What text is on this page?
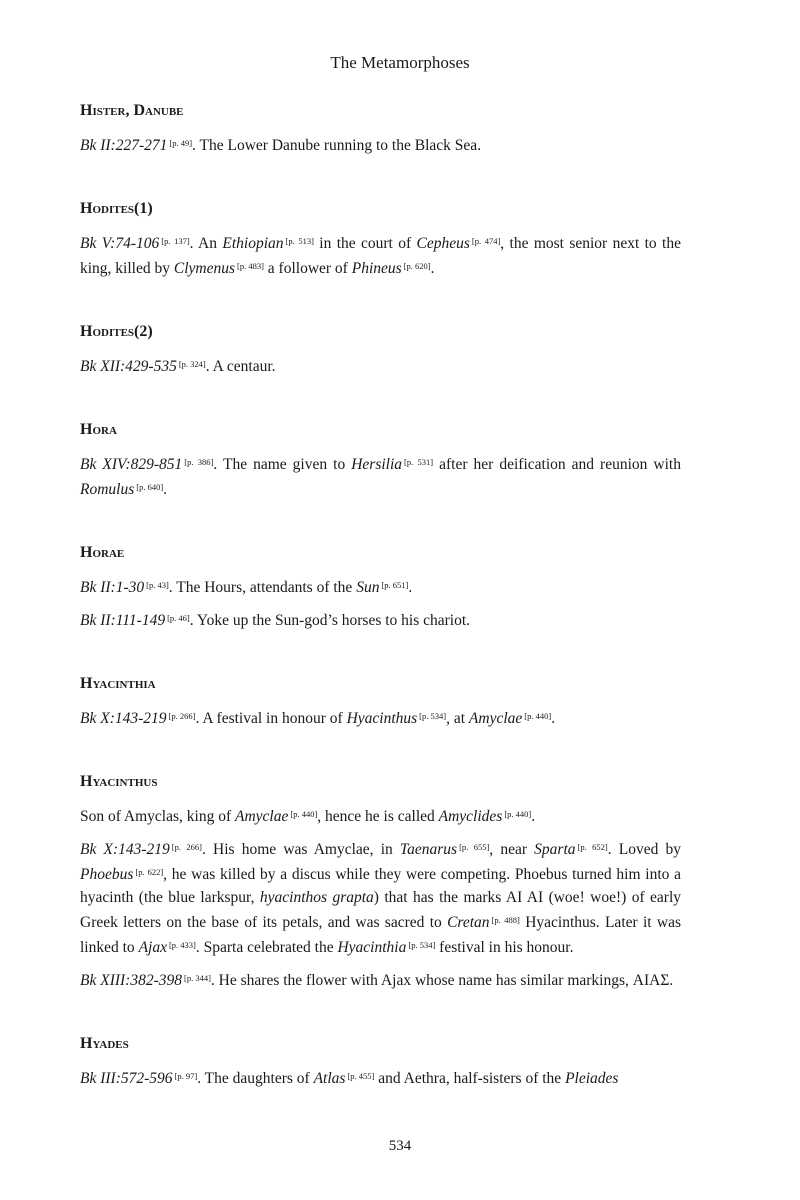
The Metamorphoses
Hister, Danube

Bk II:227-271 [p. 49]. The Lower Danube running to the Black Sea.

Hodites(1)

Bk V:74-106 [p. 137]. An Ethiopian [p. 513] in the court of Cepheus [p. 474], the most senior next to the king, killed by Clymenus [p. 483] a follower of Phineus [p. 620].

Hodites(2)

Bk XII:429-535 [p. 324]. A centaur.

Hora

Bk XIV:829-851 [p. 386]. The name given to Hersilia [p. 531] after her deification and reunion with Romulus [p. 640].

Horae

Bk II:1-30 [p. 43]. The Hours, attendants of the Sun [p. 651].

Bk II:111-149 [p. 46]. Yoke up the Sun-god’s horses to his chariot.

Hyacinthia

Bk X:143-219 [p. 266]. A festival in honour of Hyacinthus [p. 534], at Amyclae [p. 440].

Hyacinthus

Son of Amyclas, king of Amyclae [p. 440], hence he is called Amyclides [p. 440].

Bk X:143-219 [p. 266]. His home was Amyclae, in Taenarus [p. 655], near Sparta [p. 652]. Loved by Phoebus [p. 622], he was killed by a discus while they were competing. Phoebus turned him into a hyacinth (the blue larkspur, hyacinthos grapta) that has the marks AI AI (woe! woe!) of early Greek letters on the base of its petals, and was sacred to Cretan [p. 488] Hyacinthus. Later it was linked to Ajax [p. 433]. Sparta celebrated the Hyacinthia [p. 534] festival in his honour.

Bk XIII:382-398 [p. 344]. He shares the flower with Ajax whose name has similar markings, ΑΙΑΣ.

Hyades

Bk III:572-596 [p. 97]. The daughters of Atlas [p. 455] and Aethra, half-sisters of the Pleiades

534
